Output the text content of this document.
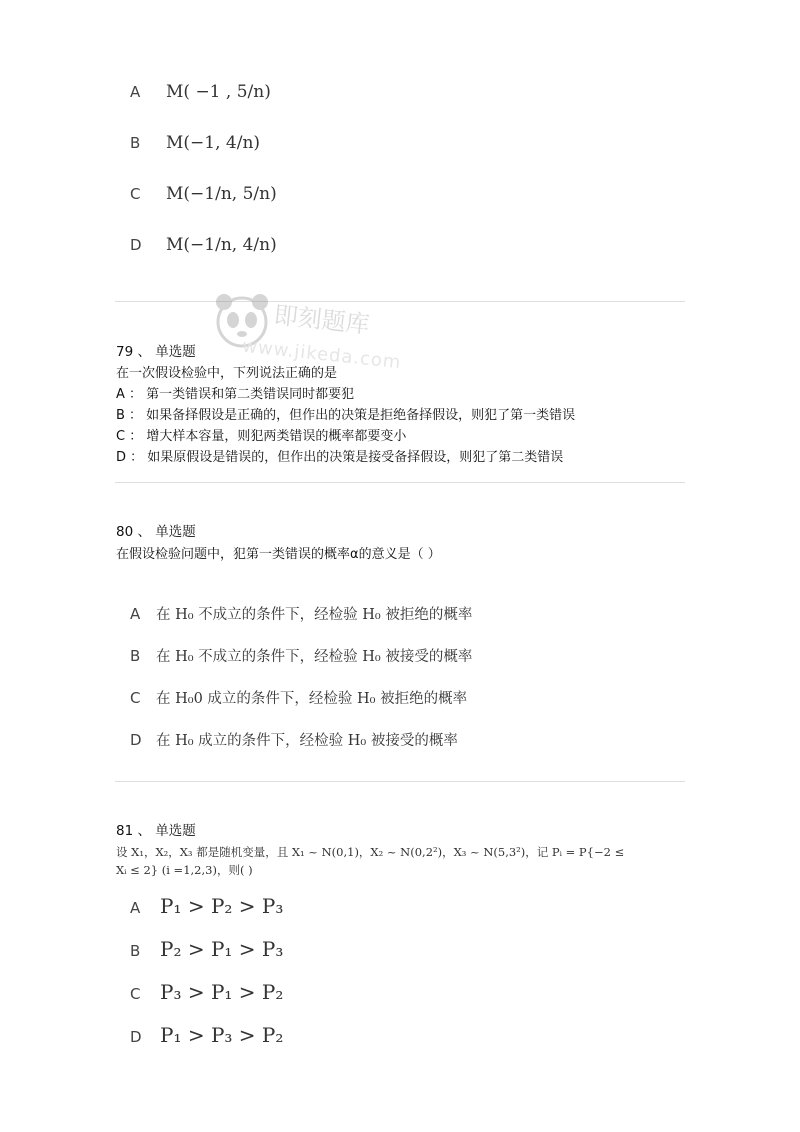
A	M( −1 , 5/n)
B	M(−1, 4/n)
C	M(−1/n, 5/n)
D	M(−1/n, 4/n)
即刻题库
www.jikeda.com
79 、 单选题
在一次假设检验中，下列说法正确的是
A ： 第一类错误和第二类错误同时都要犯
B ： 如果备择假设是正确的，但作出的决策是拒绝备择假设，则犯了第一类错误
C ： 增大样本容量，则犯两类错误的概率都要变小
D ： 如果原假设是错误的，但作出的决策是接受备择假设，则犯了第二类错误
80 、 单选题
在假设检验问题中，犯第一类错误的概率α的意义是（ ）
A	在 H₀ 不成立的条件下，经检验 H₀ 被拒绝的概率
B	在 H₀ 不成立的条件下，经检验 H₀ 被接受的概率
C	在 H₀0 成立的条件下，经检验 H₀ 被拒绝的概率
D 在 H₀ 成立的条件下，经检验 H₀ 被接受的概率
81 、 单选题
设 X₁，X₂，X₃ 都是随机变量，且 X₁ ~ N(0,1)，X₂ ~ N(0,2²)，X₃ ~ N(5,3²)，记 Pᵢ = P{−2 ≤
Xᵢ ≤ 2} (i =1,2,3)，则( )
A P₁ > P₂ > P₃
B P₂ > P₁ > P₃
C P₃ > P₁ > P₂
D P₁ > P₃ > P₂
